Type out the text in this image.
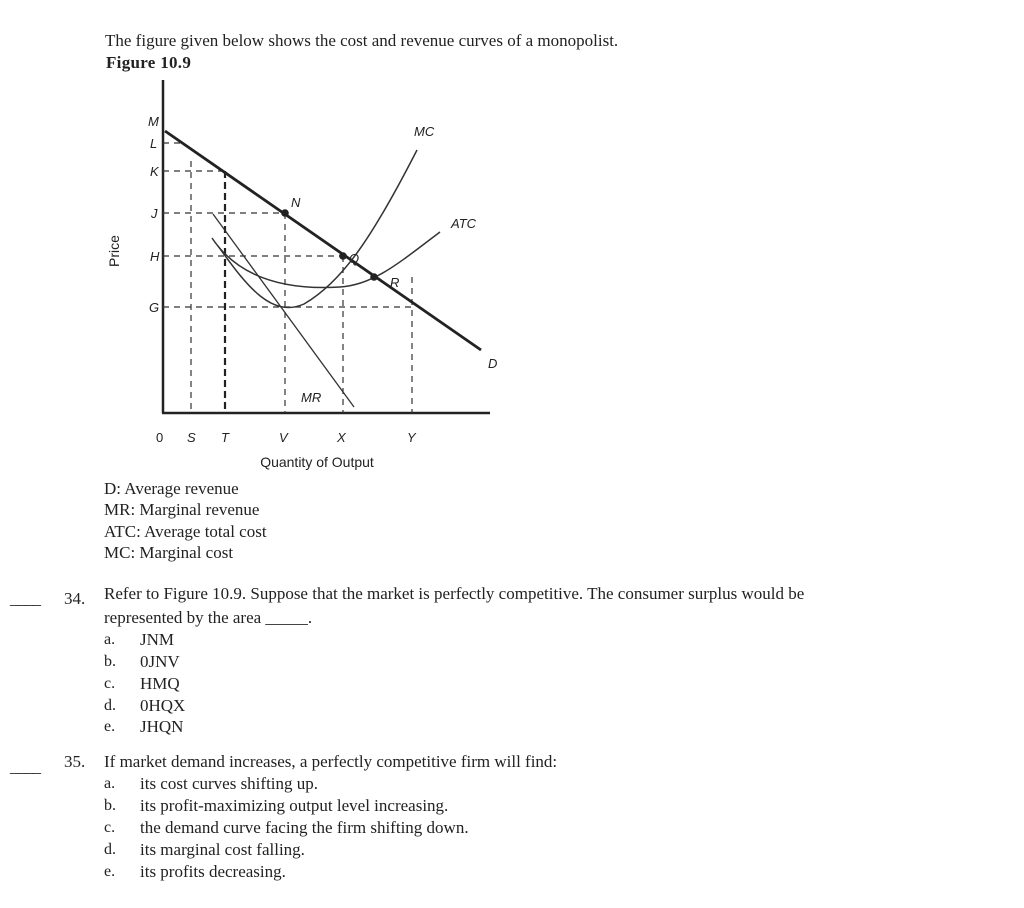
The figure given below shows the cost and revenue curves of a monopolist.
Figure 10.9
Price
M
L
K
J
H
G
0 S T	V	X	Y
Quantity of Output
MC
ATC
MR
D
N
Q
R
D: Average revenue
MR: Marginal revenue
ATC: Average total cost
MC: Marginal cost
____ 34. Refer to Figure 10.9. Suppose that the market is perfectly competitive. The consumer surplus would be
represented by the area _____.
a. JNM
b. 0JNV
c. HMQ
d. 0HQX
e. JHQN
____ 35. If market demand increases, a perfectly competitive firm will find:
a. its cost curves shifting up.
b. its profit-maximizing output level increasing.
c. the demand curve facing the firm shifting down.
d. its marginal cost falling.
e. its profits decreasing.
